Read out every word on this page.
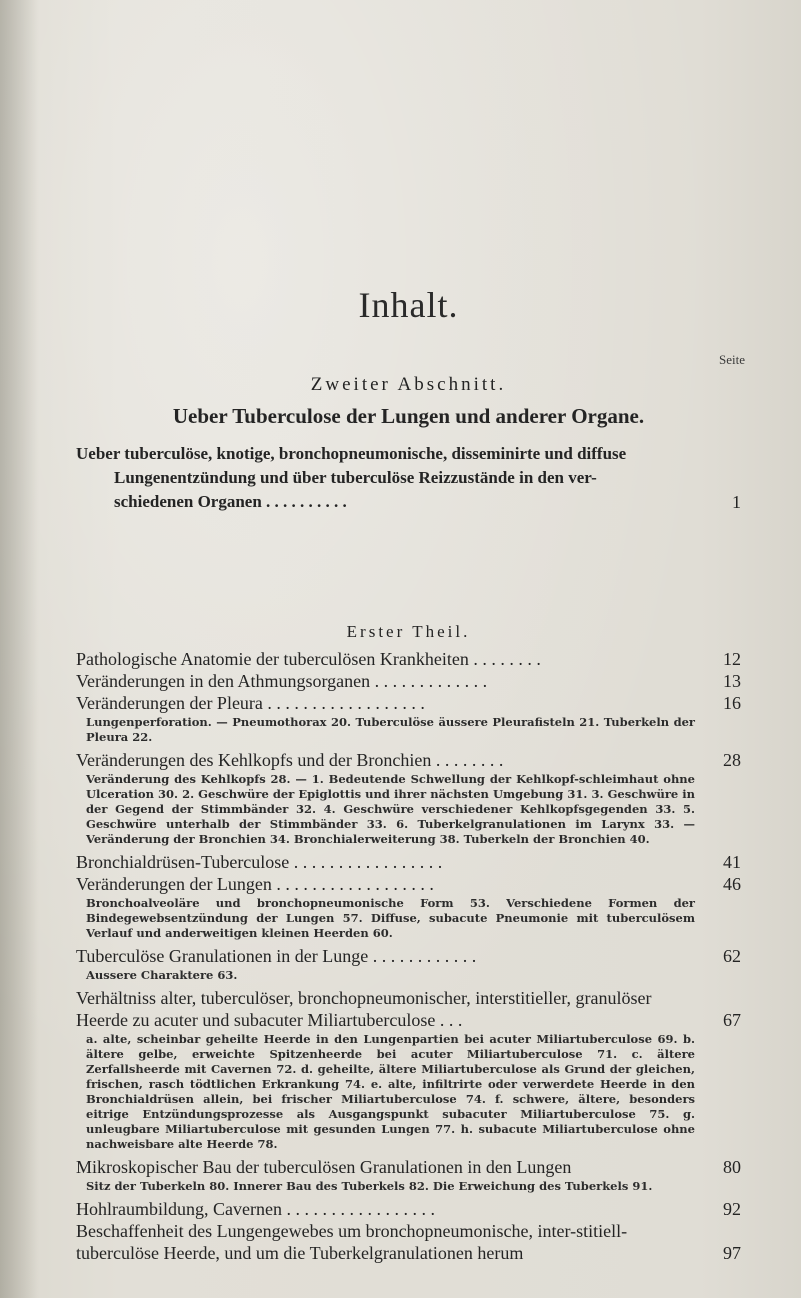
Inhalt.
Seite
Zweiter Abschnitt.
Ueber Tuberculose der Lungen und anderer Organe.
Ueber tuberculöse, knotige, bronchopneumonische, disseminirte und diffuse
Lungenentzündung und über tuberculöse Reizzustände in den ver-
schiedenen Organen . . . . . . . . . .	1
Erster Theil.
Pathologische Anatomie der tuberculösen Krankheiten . . . . . . . .	12
Veränderungen in den Athmungsorganen . . . . . . . . . . . . .	13
Veränderungen der Pleura . . . . . . . . . . . . . . . . . .	16
Lungenperforation. — Pneumothorax 20. Tuberculöse äussere Pleurafisteln 21. Tuberkeln der Pleura 22.
Veränderungen des Kehlkopfs und der Bronchien . . . . . . . .	28
Veränderung des Kehlkopfs 28. — 1. Bedeutende Schwellung der Kehlkopf-schleimhaut ohne Ulceration 30. 2. Geschwüre der Epiglottis und ihrer nächsten Umgebung 31. 3. Geschwüre in der Gegend der Stimmbänder 32. 4. Geschwüre verschiedener Kehlkopfsgegenden 33. 5. Geschwüre unterhalb der Stimmbänder 33. 6. Tuberkelgranulationen im Larynx 33. — Veränderung der Bronchien 34. Bronchialerweiterung 38. Tuberkeln der Bronchien 40.
Bronchialdrüsen-Tuberculose . . . . . . . . . . . . . . . . .	41
Veränderungen der Lungen . . . . . . . . . . . . . . . . . .	46
Bronchoalveoläre und bronchopneumonische Form 53. Verschiedene Formen der Bindegewebsentzündung der Lungen 57. Diffuse, subacute Pneumonie mit tuberculösem Verlauf und anderweitigen kleinen Heerden 60.
Tuberculöse Granulationen in der Lunge . . . . . . . . . . . .	62
Aussere Charaktere 63.
Verhältniss alter, tuberculöser, bronchopneumonischer, interstitieller, granulöser Heerde zu acuter und subacuter Miliartuberculose . . .	67
a. alte, scheinbar geheilte Heerde in den Lungenpartien bei acuter Miliartuberculose 69. b. ältere gelbe, erweichte Spitzenheerde bei acuter Miliartuberculose 71. c. ältere Zerfallsheerde mit Cavernen 72. d. geheilte, ältere Miliartuberculose als Grund der gleichen, frischen, rasch tödtlichen Erkrankung 74. e. alte, infiltrirte oder verwerdete Heerde in den Bronchialdrüsen allein, bei frischer Miliartuberculose 74. f. schwere, ältere, besonders eitrige Entzündungsprozesse als Ausgangspunkt subacuter Miliartuberculose 75. g. unleugbare Miliartuberculose mit gesunden Lungen 77. h. subacute Miliartuberculose ohne nachweisbare alte Heerde 78.
Mikroskopischer Bau der tuberculösen Granulationen in den Lungen	80
Sitz der Tuberkeln 80. Innerer Bau des Tuberkels 82. Die Erweichung des Tuberkels 91.
Hohlraumbildung, Cavernen . . . . . . . . . . . . . . . . .	92
Beschaffenheit des Lungengewebes um bronchopneumonische, inter-stitiell-tuberculöse Heerde, und um die Tuberkelgranulationen herum	97
